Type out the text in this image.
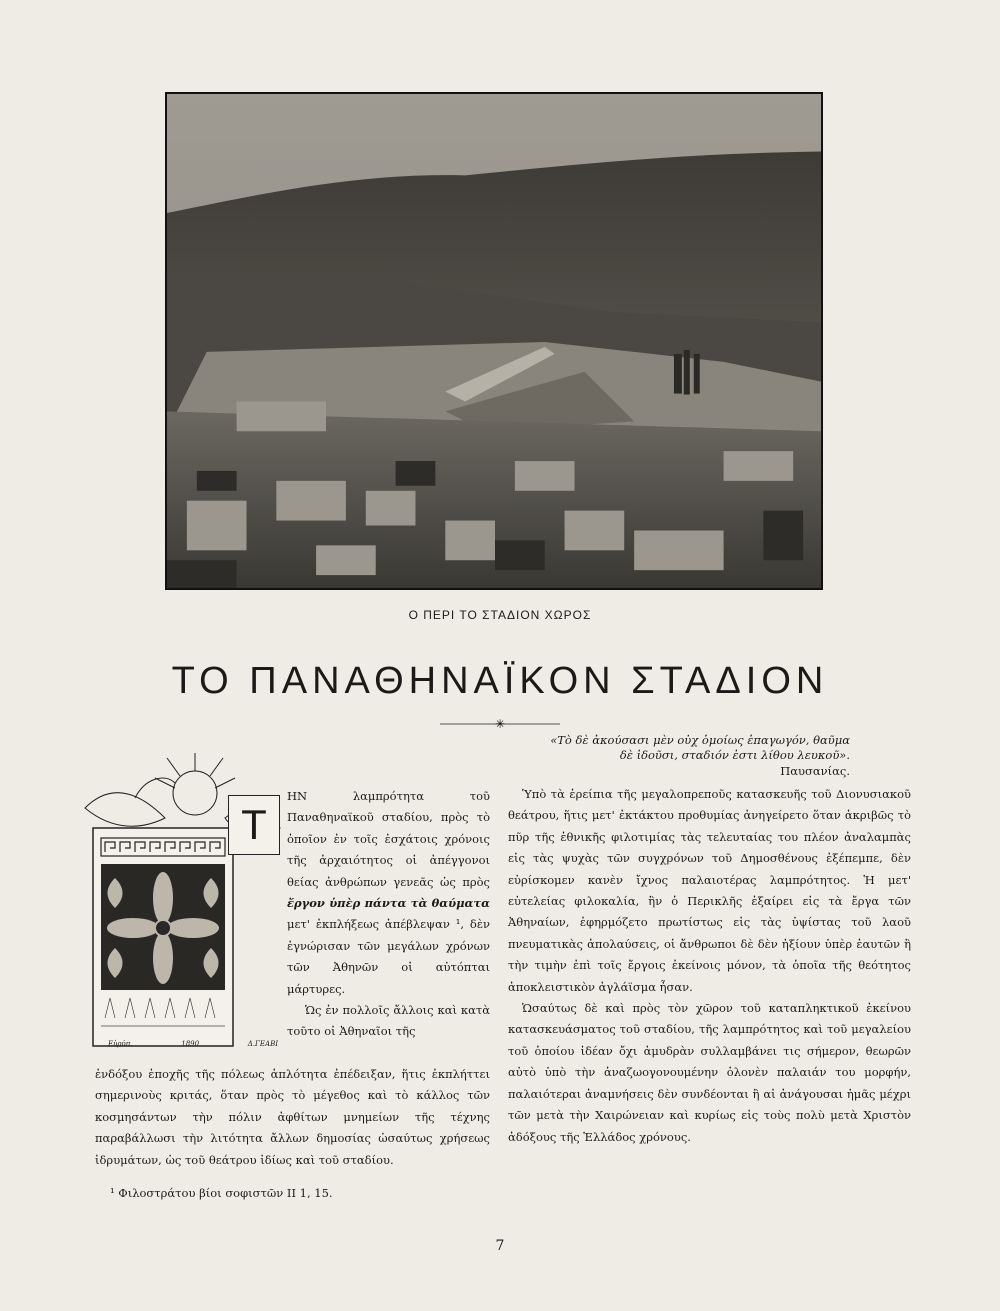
Ο ΠΕΡΙ ΤΟ ΣΤΑΔΙΟΝ ΧΩΡΟΣ
ΤΟ ΠΑΝΑΘΗΝΑΪΚΟΝ ΣΤΑΔΙΟΝ
✳
«Τὸ δὲ ἀκούσασι μὲν οὐχ ὁμοίως ἐπαγωγόν, θαῦμα
δὲ ἰδοῦσι, σταδιόν ἐστι λίθου λευκοῦ».
Παυσανίας.
Εὐρύπ.	1890	Δ.ΓΕΑΒΙ
Τ

ΗΝ λαμπρότητα τοῦ Παναθηναϊκοῦ σταδίου, πρὸς τὸ ὁποῖον ἐν τοῖς ἐσχάτοις χρόνοις τῆς ἀρχαιότητος οἱ ἀπέγγονοι θείας ἀνθρώπων γενεᾶς ὡς πρὸς ἔργον ὑπὲρ πάντα τὰ θαύματα μετ' ἐκπλήξεως ἀπέβλεψαν ¹, δὲν ἐγνώρισαν τῶν μεγάλων χρόνων τῶν Ἀθηνῶν οἱ αὐτόπται μάρτυρες.

Ὡς ἐν πολλοῖς ἄλλοις καὶ κατὰ τοῦτο οἱ Ἀθηναῖοι τῆς

ἐνδόξου ἐποχῆς τῆς πόλεως ἁπλότητα ἐπέδειξαν, ἥτις ἐκπλήττει σημερινοὺς κριτάς, ὅταν πρὸς τὸ μέγεθος καὶ τὸ κάλλος τῶν κοσμησάντων τὴν πόλιν ἀφθίτων μνημείων τῆς τέχνης παραβάλλωσι τὴν λιτότητα ἄλλων δημοσίας ὠσαύτως χρήσεως ἱδρυμάτων, ὡς τοῦ θεάτρου ἰδίως καὶ τοῦ σταδίου.

Ὑπὸ τὰ ἐρείπια τῆς μεγαλοπρεποῦς κατασκευῆς τοῦ Διονυσιακοῦ θεάτρου, ἥτις μετ' ἐκτάκτου προθυμίας ἀνηγείρετο ὅταν ἀκριβῶς τὸ πῦρ τῆς ἐθνικῆς φιλοτιμίας τὰς τελευταίας του πλέον ἀναλαμπὰς εἰς τὰς ψυχὰς τῶν συγχρόνων τοῦ Δημοσθένους ἐξέπεμπε, δὲν εὑρίσκομεν κανὲν ἴχνος παλαιοτέρας λαμπρότητος. Ἡ μετ' εὐτελείας φιλοκαλία, ἣν ὁ Περικλῆς ἐξαίρει εἰς τὰ ἔργα τῶν Ἀθηναίων, ἐφηρμόζετο πρωτίστως εἰς τὰς ὑψίστας τοῦ λαοῦ πνευματικὰς ἀπολαύσεις, οἱ ἄνθρωποι δὲ δὲν ἠξίουν ὑπὲρ ἑαυτῶν ἢ τὴν τιμὴν ἐπὶ τοῖς ἔργοις ἐκείνοις μόνον, τὰ ὁποῖα τῆς θεότητος ἀποκλειστικὸν ἀγλάϊσμα ἦσαν.

Ὡσαύτως δὲ καὶ πρὸς τὸν χῶρον τοῦ καταπληκτικοῦ ἐκείνου κατασκευάσματος τοῦ σταδίου, τῆς λαμπρότητος καὶ τοῦ μεγαλείου τοῦ ὁποίου ἰδέαν ὄχι ἀμυδρὰν συλλαμβάνει τις σήμερον, θεωρῶν αὐτὸ ὑπὸ τὴν ἀναζωογονουμένην ὁλονὲν παλαιάν του μορφήν, παλαιότεραι ἀναμνήσεις δὲν συνδέονται ἢ αἱ ἀνάγουσαι ἡμᾶς μέχρι τῶν μετὰ τὴν Χαιρώνειαν καὶ κυρίως εἰς τοὺς πολὺ μετὰ Χριστὸν ἀδόξους τῆς Ἑλλάδος χρόνους.

¹ Φιλοστράτου βίοι σοφιστῶν ΙΙ 1, 15.
7
